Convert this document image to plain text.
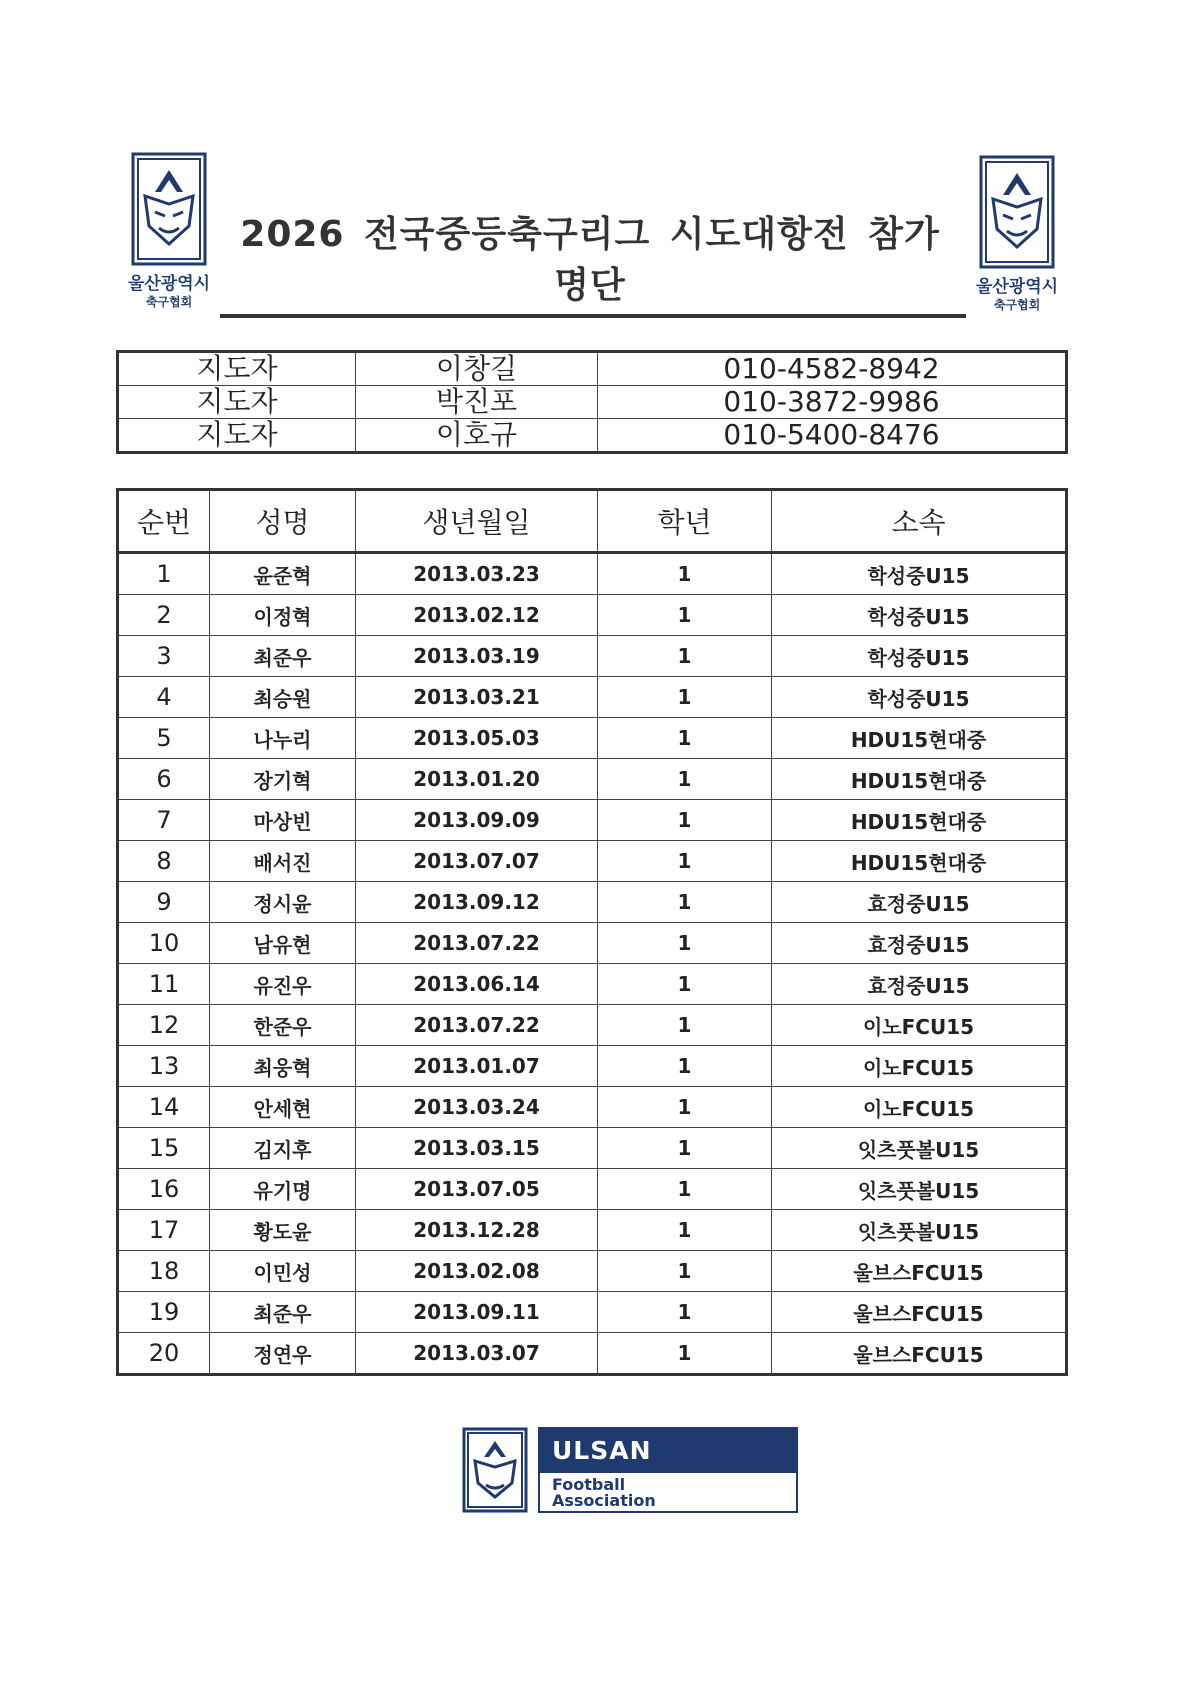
울산광역시
축구협회
울산광역시
축구협회
2026 전국중등축구리그 시도대항전 참가 명단
지도자	이창길	010-4582-8942
지도자	박진포	010-3872-9986
지도자	이호규	010-5400-8476
순번	성명	생년월일	학년	소속
1	윤준혁	2013.03.23	1	학성중U15
2	이정혁	2013.02.12	1	학성중U15
3	최준우	2013.03.19	1	학성중U15
4	최승원	2013.03.21	1	학성중U15
5	나누리	2013.05.03	1	HDU15현대중
6	장기혁	2013.01.20	1	HDU15현대중
7	마상빈	2013.09.09	1	HDU15현대중
8	배서진	2013.07.07	1	HDU15현대중
9	정시윤	2013.09.12	1	효정중U15
10	남유현	2013.07.22	1	효정중U15
11	유진우	2013.06.14	1	효정중U15
12	한준우	2013.07.22	1	이노FCU15
13	최웅혁	2013.01.07	1	이노FCU15
14	안세현	2013.03.24	1	이노FCU15
15	김지후	2013.03.15	1	잇츠풋볼U15
16	유기명	2013.07.05	1	잇츠풋볼U15
17	황도윤	2013.12.28	1	잇츠풋볼U15
18	이민성	2013.02.08	1	울브스FCU15
19	최준우	2013.09.11	1	울브스FCU15
20	정연우	2013.03.07	1	울브스FCU15
ULSAN
Football
Association
